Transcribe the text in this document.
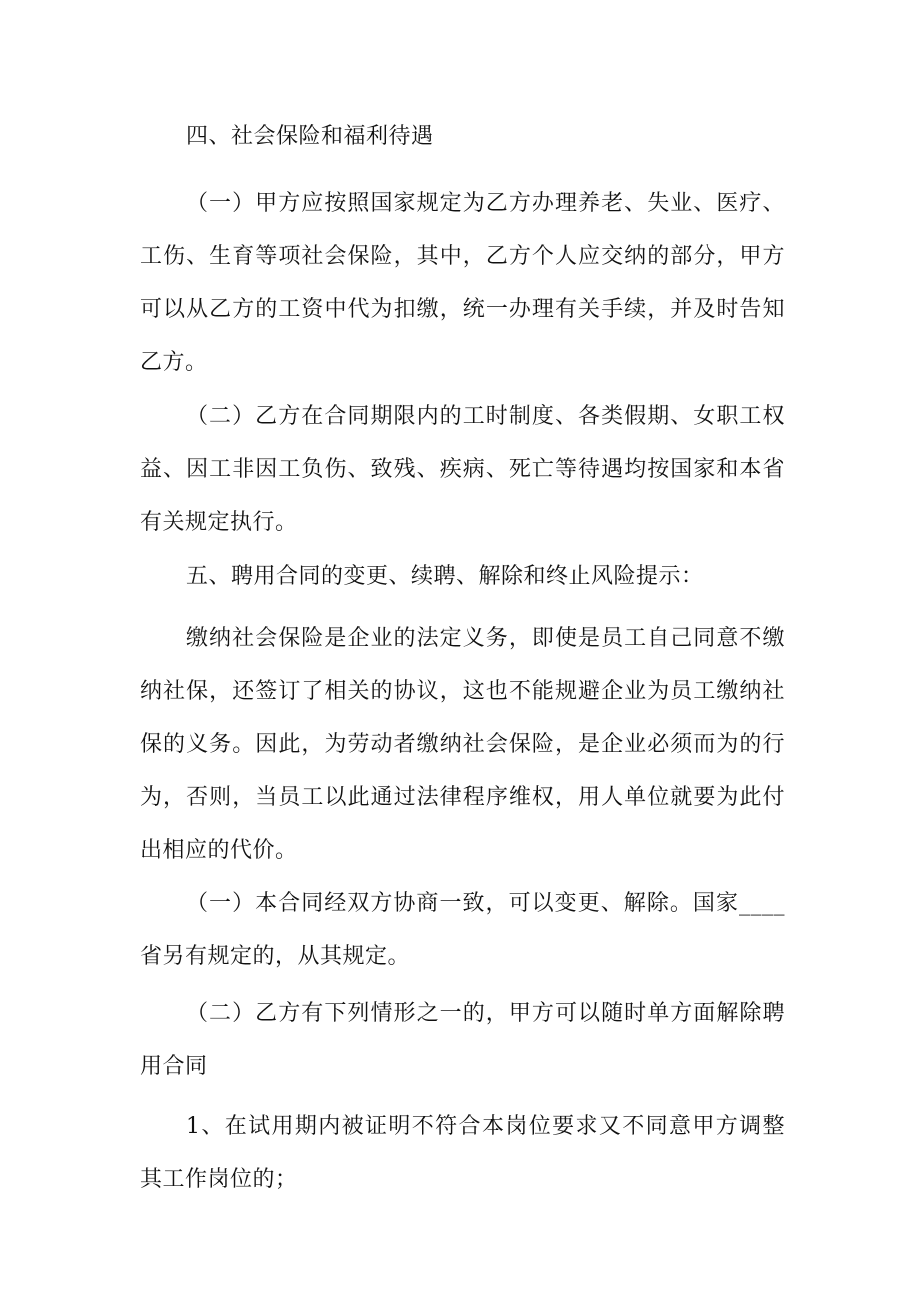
四、社会保险和福利待遇

（一）甲方应按照国家规定为乙方办理养老、失业、医疗、工伤、生育等项社会保险，其中，乙方个人应交纳的部分，甲方可以从乙方的工资中代为扣缴，统一办理有关手续，并及时告知乙方。

（二）乙方在合同期限内的工时制度、各类假期、女职工权益、因工非因工负伤、致残、疾病、死亡等待遇均按国家和本省有关规定执行。

五、聘用合同的变更、续聘、解除和终止风险提示：

缴纳社会保险是企业的法定义务，即使是员工自己同意不缴纳社保，还签订了相关的协议，这也不能规避企业为员工缴纳社保的义务。因此，为劳动者缴纳社会保险，是企业必须而为的行为，否则，当员工以此通过法律程序维权，用人单位就要为此付出相应的代价。

（一）本合同经双方协商一致，可以变更、解除。国家____省另有规定的，从其规定。

（二）乙方有下列情形之一的，甲方可以随时单方面解除聘用合同

1、在试用期内被证明不符合本岗位要求又不同意甲方调整其工作岗位的；
